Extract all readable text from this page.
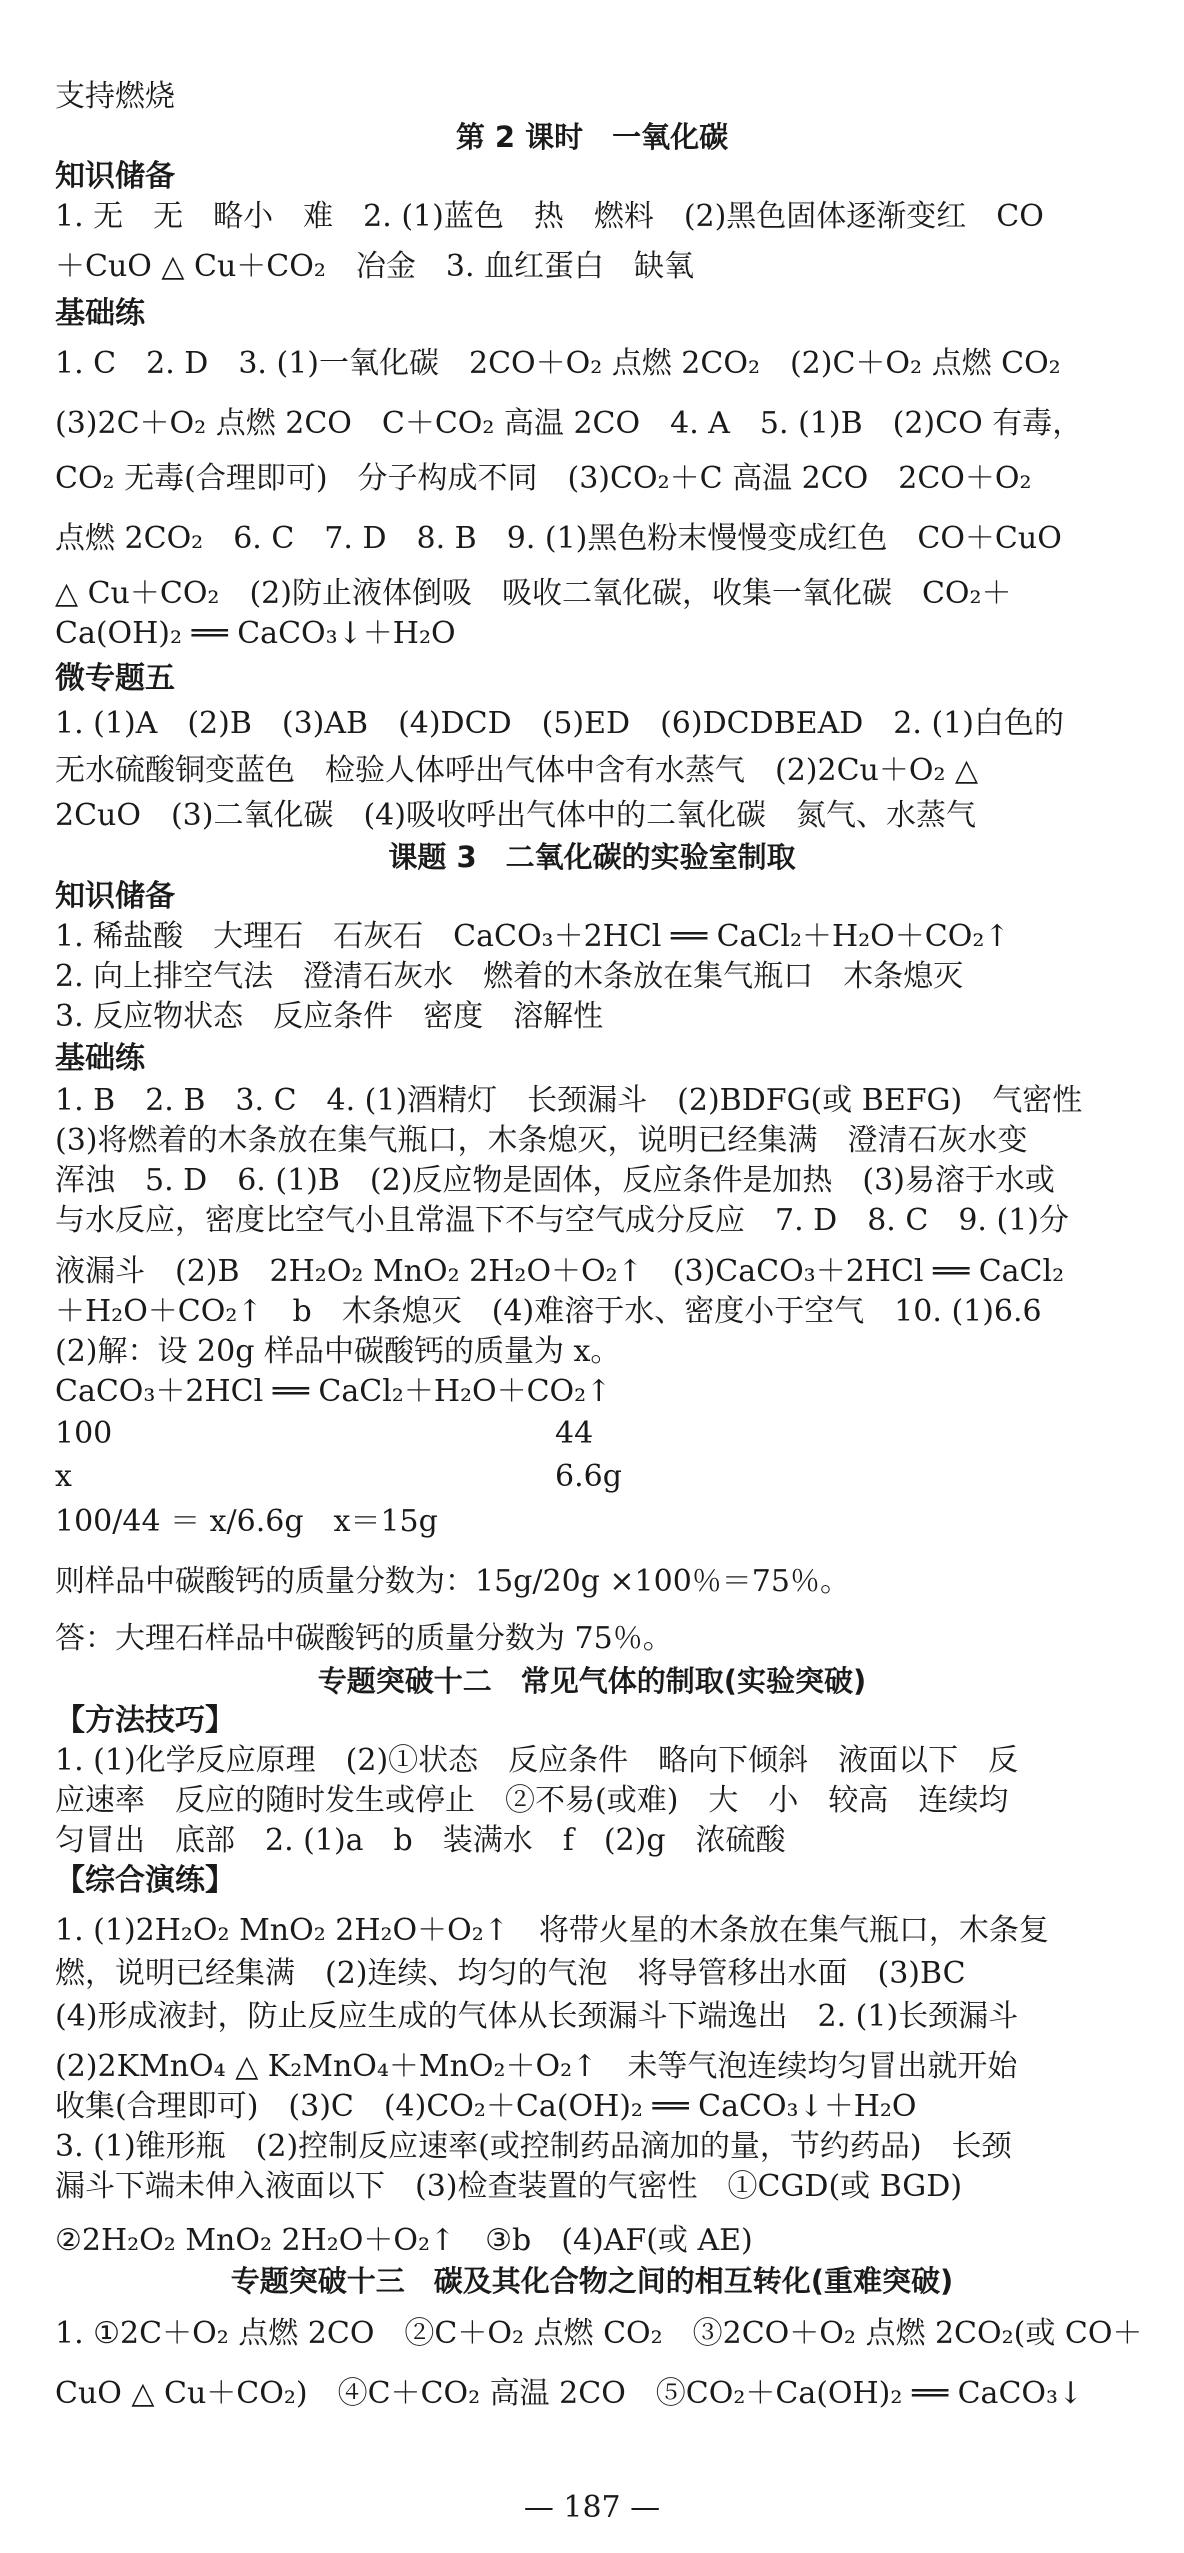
支持燃烧
第 2 课时　一氧化碳
知识储备
1. 无　无　略小　难　2. (1)蓝色　热　燃料　(2)黑色固体逐渐变红　CO
＋CuO △ Cu＋CO₂　冶金　3. 血红蛋白　缺氧
基础练
1. C　2. D　3. (1)一氧化碳　2CO＋O₂ 点燃 2CO₂　(2)C＋O₂ 点燃 CO₂
(3)2C＋O₂ 点燃 2CO　C＋CO₂ 高温 2CO　4. A　5. (1)B　(2)CO 有毒，
CO₂ 无毒(合理即可)　分子构成不同　(3)CO₂＋C 高温 2CO　2CO＋O₂
点燃 2CO₂　6. C　7. D　8. B　9. (1)黑色粉末慢慢变成红色　CO＋CuO
△ Cu＋CO₂　(2)防止液体倒吸　吸收二氧化碳，收集一氧化碳　CO₂＋
Ca(OH)₂ ══ CaCO₃↓＋H₂O
微专题五
1. (1)A　(2)B　(3)AB　(4)DCD　(5)ED　(6)DCDBEAD　2. (1)白色的
无水硫酸铜变蓝色　检验人体呼出气体中含有水蒸气　(2)2Cu＋O₂ △
2CuO　(3)二氧化碳　(4)吸收呼出气体中的二氧化碳　氮气、水蒸气
课题 3　二氧化碳的实验室制取
知识储备
1. 稀盐酸　大理石　石灰石　CaCO₃＋2HCl ══ CaCl₂＋H₂O＋CO₂↑
2. 向上排空气法　澄清石灰水　燃着的木条放在集气瓶口　木条熄灭
3. 反应物状态　反应条件　密度　溶解性
基础练
1. B　2. B　3. C　4. (1)酒精灯　长颈漏斗　(2)BDFG(或 BEFG)　气密性
(3)将燃着的木条放在集气瓶口，木条熄灭，说明已经集满　澄清石灰水变
浑浊　5. D　6. (1)B　(2)反应物是固体，反应条件是加热　(3)易溶于水或
与水反应，密度比空气小且常温下不与空气成分反应　7. D　8. C　9. (1)分
液漏斗　(2)B　2H₂O₂ MnO₂ 2H₂O＋O₂↑　(3)CaCO₃＋2HCl ══ CaCl₂
＋H₂O＋CO₂↑　b　木条熄灭　(4)难溶于水、密度小于空气　10. (1)6.6
(2)解：设 20g 样品中碳酸钙的质量为 x。
CaCO₃＋2HCl ══ CaCl₂＋H₂O＋CO₂↑
100	44
x	6.6g
100/44 ＝ x/6.6g　x＝15g
则样品中碳酸钙的质量分数为：15g/20g ×100％＝75％。
答：大理石样品中碳酸钙的质量分数为 75％。
专题突破十二　常见气体的制取(实验突破)
【方法技巧】
1. (1)化学反应原理　(2)①状态　反应条件　略向下倾斜　液面以下　反
应速率　反应的随时发生或停止　②不易(或难)　大　小　较高　连续均
匀冒出　底部　2. (1)a　b　装满水　f　(2)g　浓硫酸
【综合演练】
1. (1)2H₂O₂ MnO₂ 2H₂O＋O₂↑　将带火星的木条放在集气瓶口，木条复
燃，说明已经集满　(2)连续、均匀的气泡　将导管移出水面　(3)BC
(4)形成液封，防止反应生成的气体从长颈漏斗下端逸出　2. (1)长颈漏斗
(2)2KMnO₄ △ K₂MnO₄＋MnO₂＋O₂↑　未等气泡连续均匀冒出就开始
收集(合理即可)　(3)C　(4)CO₂＋Ca(OH)₂ ══ CaCO₃↓＋H₂O
3. (1)锥形瓶　(2)控制反应速率(或控制药品滴加的量，节约药品)　长颈
漏斗下端未伸入液面以下　(3)检查装置的气密性　①CGD(或 BGD)
②2H₂O₂ MnO₂ 2H₂O＋O₂↑　③b　(4)AF(或 AE)
专题突破十三　碳及其化合物之间的相互转化(重难突破)
1. ①2C＋O₂ 点燃 2CO　②C＋O₂ 点燃 CO₂　③2CO＋O₂ 点燃 2CO₂(或 CO＋
CuO △ Cu＋CO₂)　④C＋CO₂ 高温 2CO　⑤CO₂＋Ca(OH)₂ ══ CaCO₃↓
— 187 —
